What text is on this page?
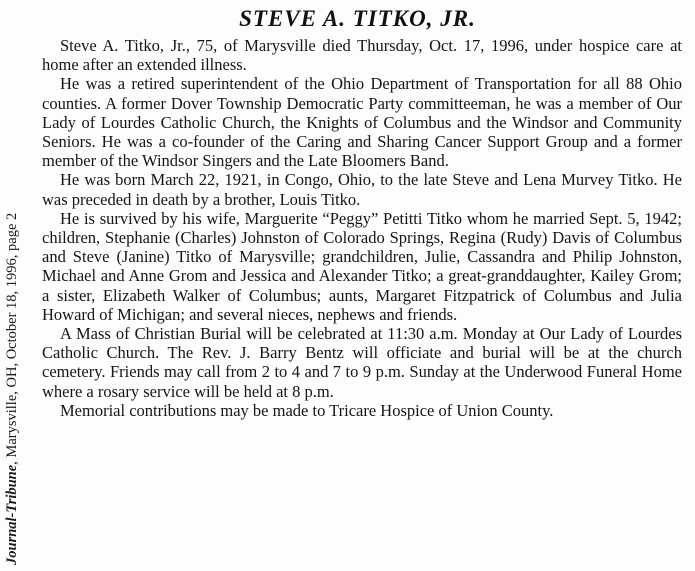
Journal-Tribune, Marysville, OH, October 18, 1996, page 2
STEVE A. TITKO, JR.

Steve A. Titko, Jr., 75, of Marysville died Thursday, Oct. 17, 1996, under hospice care at home after an extended illness.

He was a retired superintendent of the Ohio Department of Transportation for all 88 Ohio counties. A former Dover Township Democratic Party committeeman, he was a member of Our Lady of Lourdes Catholic Church, the Knights of Columbus and the Windsor and Community Seniors. He was a co-founder of the Caring and Sharing Cancer Support Group and a former member of the Windsor Singers and the Late Bloomers Band.

He was born March 22, 1921, in Congo, Ohio, to the late Steve and Lena Murvey Titko. He was preceded in death by a brother, Louis Titko.

He is survived by his wife, Marguerite “Peggy” Petitti Titko whom he married Sept. 5, 1942; children, Stephanie (Charles) Johnston of Colorado Springs, Regina (Rudy) Davis of Columbus and Steve (Janine) Titko of Marysville; grandchildren, Julie, Cassandra and Philip Johnston, Michael and Anne Grom and Jessica and Alexander Titko; a great-granddaughter, Kailey Grom; a sister, Elizabeth Walker of Columbus; aunts, Margaret Fitzpatrick of Columbus and Julia Howard of Michigan; and several nieces, nephews and friends.

A Mass of Christian Burial will be celebrated at 11:30 a.m. Monday at Our Lady of Lourdes Catholic Church. The Rev. J. Barry Bentz will officiate and burial will be at the church cemetery. Friends may call from 2 to 4 and 7 to 9 p.m. Sunday at the Underwood Funeral Home where a rosary service will be held at 8 p.m.

Memorial contributions may be made to Tricare Hospice of Union County.
